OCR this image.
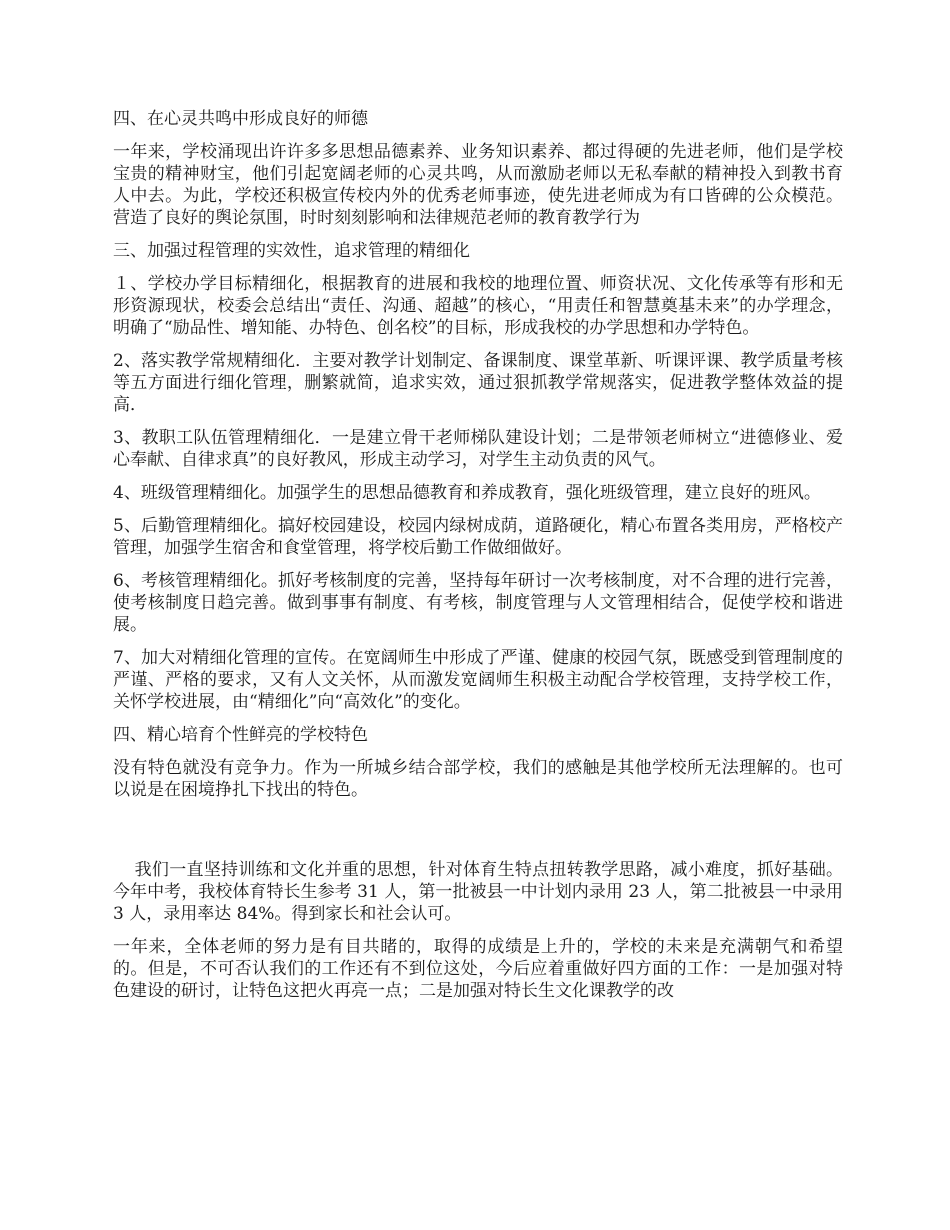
四、在心灵共鸣中形成良好的师德
一年来，学校涌现出许许多多思想品德素养、业务知识素养、都过得硬的先进老师，他们是学校宝贵的精神财宝，他们引起宽阔老师的心灵共鸣，从而激励老师以无私奉献的精神投入到教书育人中去。为此，学校还积极宣传校内外的优秀老师事迹，使先进老师成为有口皆碑的公众模范。营造了良好的舆论氛围，时时刻刻影响和法律规范老师的教育教学行为
三、加强过程管理的实效性，追求管理的精细化
１、学校办学目标精细化，根据教育的进展和我校的地理位置、师资状况、文化传承等有形和无形资源现状，校委会总结出“责任、沟通、超越”的核心，“用责任和智慧奠基未来”的办学理念，明确了“励品性、增知能、办特色、创名校”的目标，形成我校的办学思想和办学特色。
2、落实教学常规精细化．主要对教学计划制定、备课制度、课堂革新、听课评课、教学质量考核等五方面进行细化管理，删繁就简，追求实效，通过狠抓教学常规落实，促进教学整体效益的提高．
3、教职工队伍管理精细化．一是建立骨干老师梯队建设计划；二是带领老师树立“进德修业、爱心奉献、自律求真”的良好教风，形成主动学习，对学生主动负责的风气。
4、班级管理精细化。加强学生的思想品德教育和养成教育，强化班级管理，建立良好的班风。
5、后勤管理精细化。搞好校园建设，校园内绿树成荫，道路硬化，精心布置各类用房，严格校产管理，加强学生宿舍和食堂管理，将学校后勤工作做细做好。
6、考核管理精细化。抓好考核制度的完善，坚持每年研讨一次考核制度，对不合理的进行完善，使考核制度日趋完善。做到事事有制度、有考核，制度管理与人文管理相结合，促使学校和谐进展。
7、加大对精细化管理的宣传。在宽阔师生中形成了严谨、健康的校园气氛，既感受到管理制度的严谨、严格的要求，又有人文关怀，从而激发宽阔师生积极主动配合学校管理，支持学校工作，关怀学校进展，由“精细化”向“高效化”的变化。
四、精心培育个性鲜亮的学校特色
没有特色就没有竞争力。作为一所城乡结合部学校，我们的感触是其他学校所无法理解的。也可以说是在困境挣扎下找出的特色。
我们一直坚持训练和文化并重的思想，针对体育生特点扭转教学思路，减小难度，抓好基础。今年中考，我校体育特长生参考 31 人，第一批被县一中计划内录用 23 人，第二批被县一中录用 3 人，录用率达 84%。得到家长和社会认可。
一年来，全体老师的努力是有目共睹的，取得的成绩是上升的，学校的未来是充满朝气和希望的。但是，不可否认我们的工作还有不到位这处，今后应着重做好四方面的工作：一是加强对特色建设的研讨，让特色这把火再亮一点；二是加强对特长生文化课教学的改
